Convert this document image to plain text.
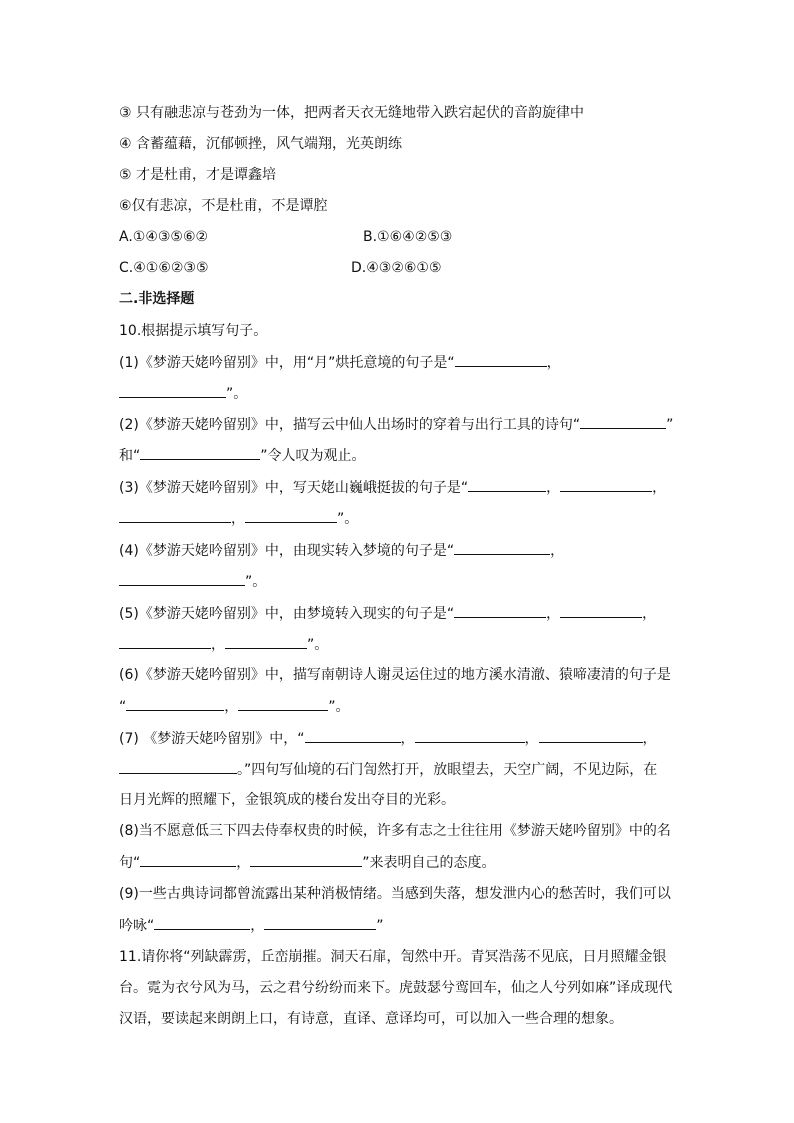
③ 只有融悲凉与苍劲为一体，把两者天衣无缝地带入跌宕起伏的音韵旋律中
④ 含蓄蕴藉，沉郁顿挫，风气端翔，光英朗练
⑤ 才是杜甫，才是谭鑫培
⑥仅有悲凉，不是杜甫，不是谭腔
A.①④③⑤⑥②	B.①⑥④②⑤③
C.④①⑥②③⑤	D.④③②⑥①⑤
二.非选择题
10.根据提示填写句子。
(1)《梦游天姥吟留别》中，用“月”烘托意境的句子是“	，
”。
(2)《梦游天姥吟留别》中，描写云中仙人出场时的穿着与出行工具的诗句“	”
和“	”令人叹为观止。
(3)《梦游天姥吟留别》中，写天姥山巍峨挺拔的句子是“	，	，
，	”。
(4)《梦游天姥吟留别》中，由现实转入梦境的句子是“	，
”。
(5)《梦游天姥吟留别》中，由梦境转入现实的句子是“	，	，
，	”。
(6)《梦游天姥吟留别》中，描写南朝诗人谢灵运住过的地方溪水清澈、猿啼凄清的句子是
“	，	”。
(7) 《梦游天姥吟留别》中，“	，	，	，
。”四句写仙境的石门訇然打开，放眼望去，天空广阔，不见边际，在
日月光辉的照耀下，金银筑成的楼台发出夺目的光彩。
(8)当不愿意低三下四去侍奉权贵的时候，许多有志之士往往用《梦游天姥吟留别》中的名
句“	，	”来表明自己的态度。
(9)一些古典诗词都曾流露出某种消极情绪。当感到失落，想发泄内心的愁苦时，我们可以
吟咏“	，	”
11.请你将“列缺霹雳，丘峦崩摧。洞天石扉，訇然中开。青冥浩荡不见底，日月照耀金银
台。霓为衣兮风为马，云之君兮纷纷而来下。虎鼓瑟兮鸾回车，仙之人兮列如麻”译成现代
汉语，要读起来朗朗上口，有诗意，直译、意译均可，可以加入一些合理的想象。
